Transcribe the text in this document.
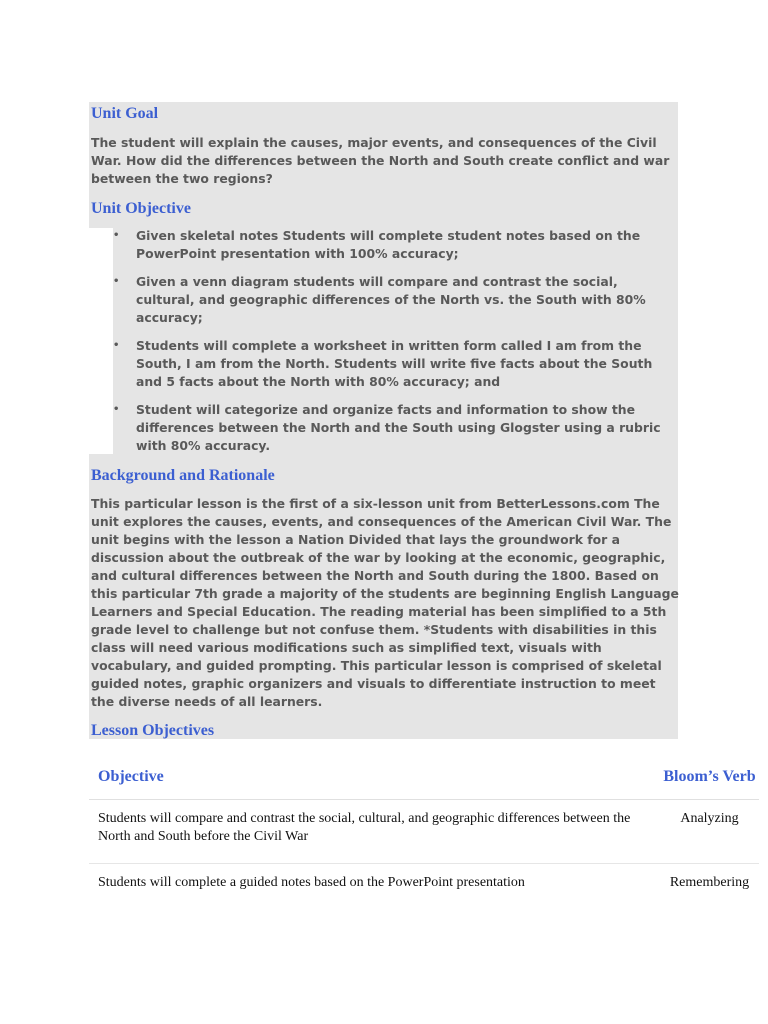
Unit Goal

The student will explain the causes, major events, and consequences of the Civil War. How did the differences between the North and South create conflict and war between the two regions?

Unit Objective
• Given skeletal notes Students will complete student notes based on the PowerPoint presentation with 100% accuracy;
• Given a venn diagram students will compare and contrast the social, cultural, and geographic differences of the North vs. the South with 80% accuracy;
• Students will complete a worksheet in written form called I am from the South, I am from the North. Students will write five facts about the South and 5 facts about the North with 80% accuracy; and
• Student will categorize and organize facts and information to show the differences between the North and the South using Glogster using a rubric with 80% accuracy.
Background and Rationale

This particular lesson is the first of a six-lesson unit from BetterLessons.com The unit explores the causes, events, and consequences of the American Civil War. The unit begins with the lesson a Nation Divided that lays the groundwork for a discussion about the outbreak of the war by looking at the economic, geographic, and cultural differences between the North and South during the 1800. Based on this particular 7th grade a majority of the students are beginning English Language Learners and Special Education. The reading material has been simplified to a 5th grade level to challenge but not confuse them. *Students with disabilities in this class will need various modifications such as simplified text, visuals with vocabulary, and guided prompting. This particular lesson is comprised of skeletal guided notes, graphic organizers and visuals to differentiate instruction to meet the diverse needs of all learners.

Lesson Objectives
Objective	Bloom’s Verb
Students will compare and contrast the social, cultural, and geographic differences between the North and South before the Civil War	Analyzing
Students will complete a guided notes based on the PowerPoint presentation	Remembering
